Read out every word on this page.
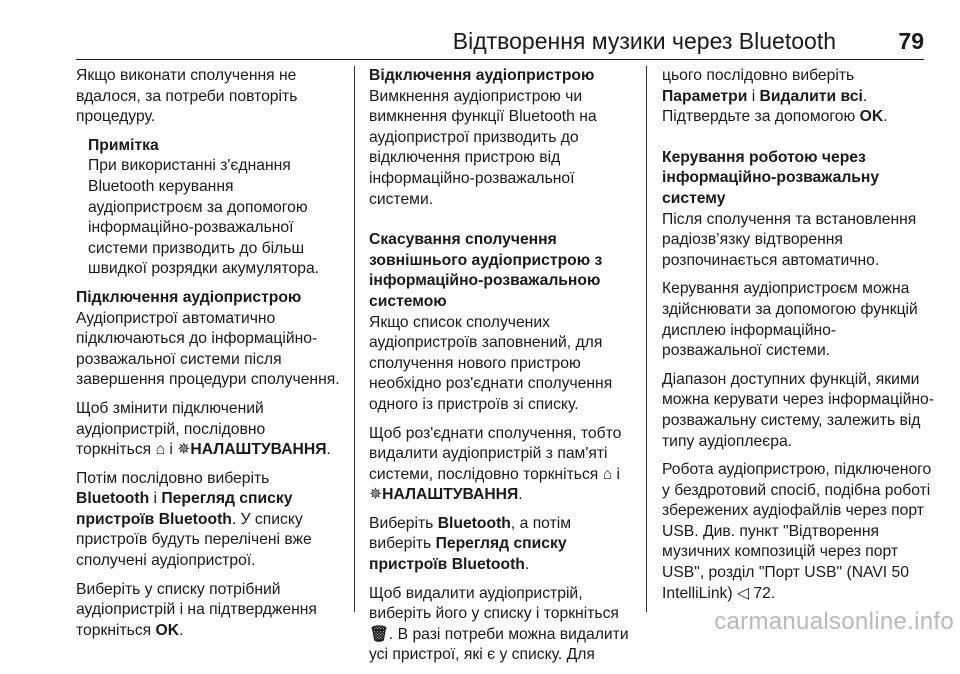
Відтворення музики через Bluetooth	79

Якщо виконати сполучення не вдалося, за потреби повторіть процедуру.

Примітка
При використанні з'єднання Bluetooth керування аудіопристроєм за допомогою інформаційно-розважальної системи призводить до більш швидкої розрядки акумулятора.
Підключення аудіопристрою

Аудіопристрої автоматично підключаються до інформаційно-розважальної системи після завершення процедури сполучення.

Щоб змінити підключений аудіопристрій, послідовно торкніться ⌂ і ✵НАЛАШТУВАННЯ.

Потім послідовно виберіть Bluetooth і Перегляд списку пристроїв Bluetooth. У списку пристроїв будуть перелічені вже сполучені аудіопристрої.

Виберіть у списку потрібний аудіопристрій і на підтвердження торкніться OK.

Відключення аудіопристрою

Вимкнення аудіопристрою чи вимкнення функції Bluetooth на аудіопристрої призводить до відключення пристрою від інформаційно-розважальної системи.

Скасування сполучення зовнішнього аудіопристрою з інформаційно-розважальною системою

Якщо список сполучених аудіопристроїв заповнений, для сполучення нового пристрою необхідно роз'єднати сполучення одного із пристроїв зі списку.

Щоб роз'єднати сполучення, тобто видалити аудіопристрій з пам'яті системи, послідовно торкніться ⌂ і ✵НАЛАШТУВАННЯ.

Виберіть Bluetooth, а потім виберіть Перегляд списку пристроїв Bluetooth.

Щоб видалити аудіопристрій, виберіть його у списку і торкніться 🗑. В разі потреби можна видалити усі пристрої, які є у списку. Для

цього послідовно виберіть Параметри і Видалити всі. Підтвердьте за допомогою OK.

Керування роботою через інформаційно-розважальну систему

Після сполучення та встановлення радіозв’язку відтворення розпочинається автоматично.

Керування аудіопристроєм можна здійснювати за допомогою функцій дисплею інформаційно-розважальної системи.

Діапазон доступних функцій, якими можна керувати через інформаційно-розважальну систему, залежить від типу аудіоплеєра.

Робота аудіопристрою, підключеного у бездротовий спосіб, подібна роботі збережених аудіофайлів через порт USB. Див. пункт "Відтворення музичних композицій через порт USB", розділ "Порт USB" (NAVI 50 IntelliLink) ◁ 72.

carmanualsonline.info
